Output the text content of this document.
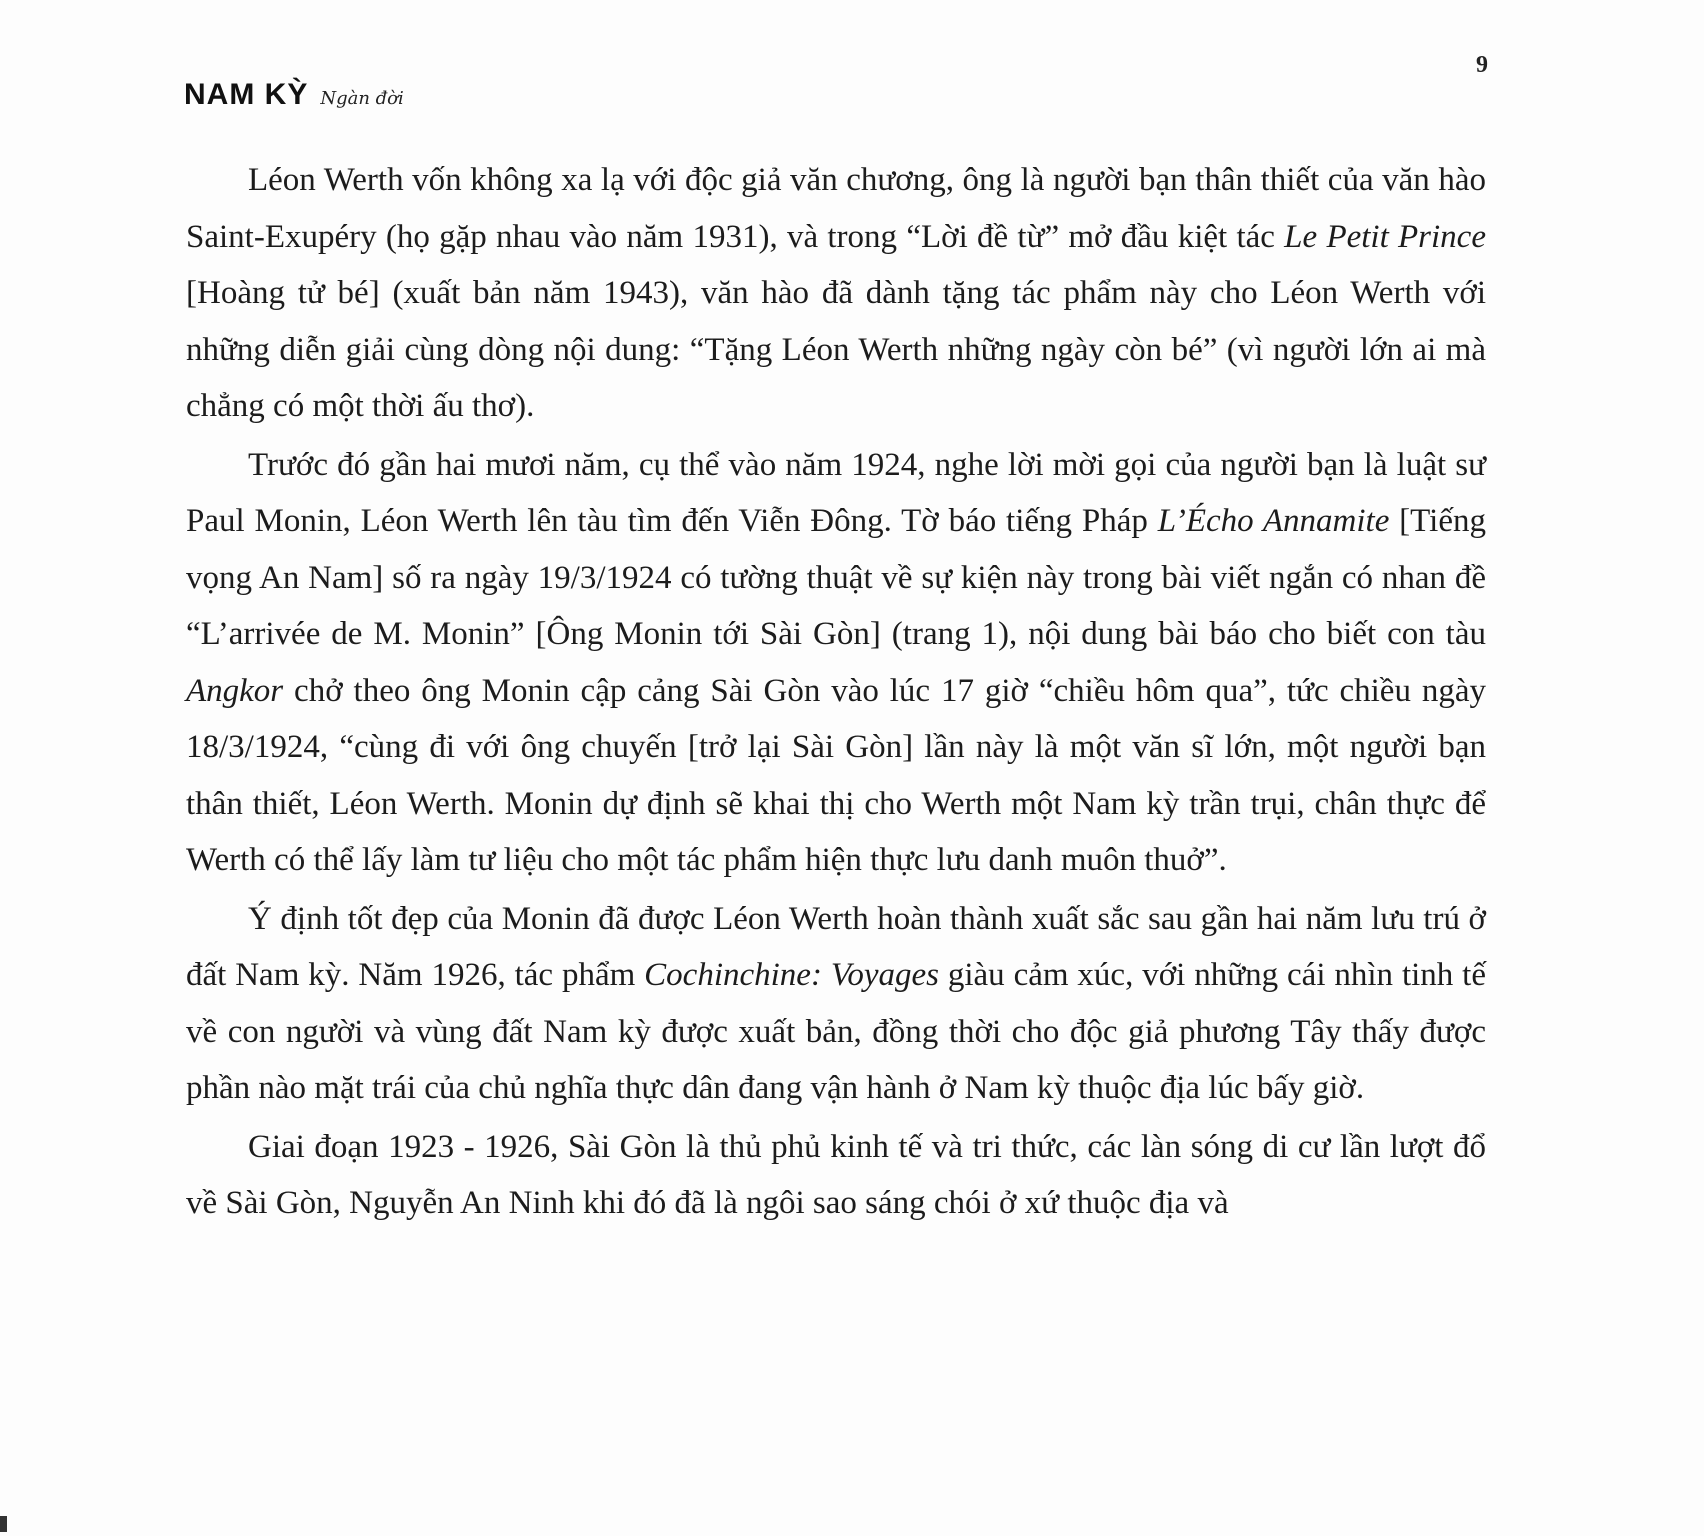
NAM KỲ Ngàn đời
9

Léon Werth vốn không xa lạ với độc giả văn chương, ông là người bạn thân thiết của văn hào Saint-Exupéry (họ gặp nhau vào năm 1931), và trong “Lời đề từ” mở đầu kiệt tác Le Petit Prince [Hoàng tử bé] (xuất bản năm 1943), văn hào đã dành tặng tác phẩm này cho Léon Werth với những diễn giải cùng dòng nội dung: “Tặng Léon Werth những ngày còn bé” (vì người lớn ai mà chẳng có một thời ấu thơ).

Trước đó gần hai mươi năm, cụ thể vào năm 1924, nghe lời mời gọi của người bạn là luật sư Paul Monin, Léon Werth lên tàu tìm đến Viễn Đông. Tờ báo tiếng Pháp L’Écho Annamite [Tiếng vọng An Nam] số ra ngày 19/3/1924 có tường thuật về sự kiện này trong bài viết ngắn có nhan đề “L’arrivée de M. Monin” [Ông Monin tới Sài Gòn] (trang 1), nội dung bài báo cho biết con tàu Angkor chở theo ông Monin cập cảng Sài Gòn vào lúc 17 giờ “chiều hôm qua”, tức chiều ngày 18/3/1924, “cùng đi với ông chuyến [trở lại Sài Gòn] lần này là một văn sĩ lớn, một người bạn thân thiết, Léon Werth. Monin dự định sẽ khai thị cho Werth một Nam kỳ trần trụi, chân thực để Werth có thể lấy làm tư liệu cho một tác phẩm hiện thực lưu danh muôn thuở”.

Ý định tốt đẹp của Monin đã được Léon Werth hoàn thành xuất sắc sau gần hai năm lưu trú ở đất Nam kỳ. Năm 1926, tác phẩm Cochinchine: Voyages giàu cảm xúc, với những cái nhìn tinh tế về con người và vùng đất Nam kỳ được xuất bản, đồng thời cho độc giả phương Tây thấy được phần nào mặt trái của chủ nghĩa thực dân đang vận hành ở Nam kỳ thuộc địa lúc bấy giờ.

Giai đoạn 1923 - 1926, Sài Gòn là thủ phủ kinh tế và tri thức, các làn sóng di cư lần lượt đổ về Sài Gòn, Nguyễn An Ninh khi đó đã là ngôi sao sáng chói ở xứ thuộc địa và
